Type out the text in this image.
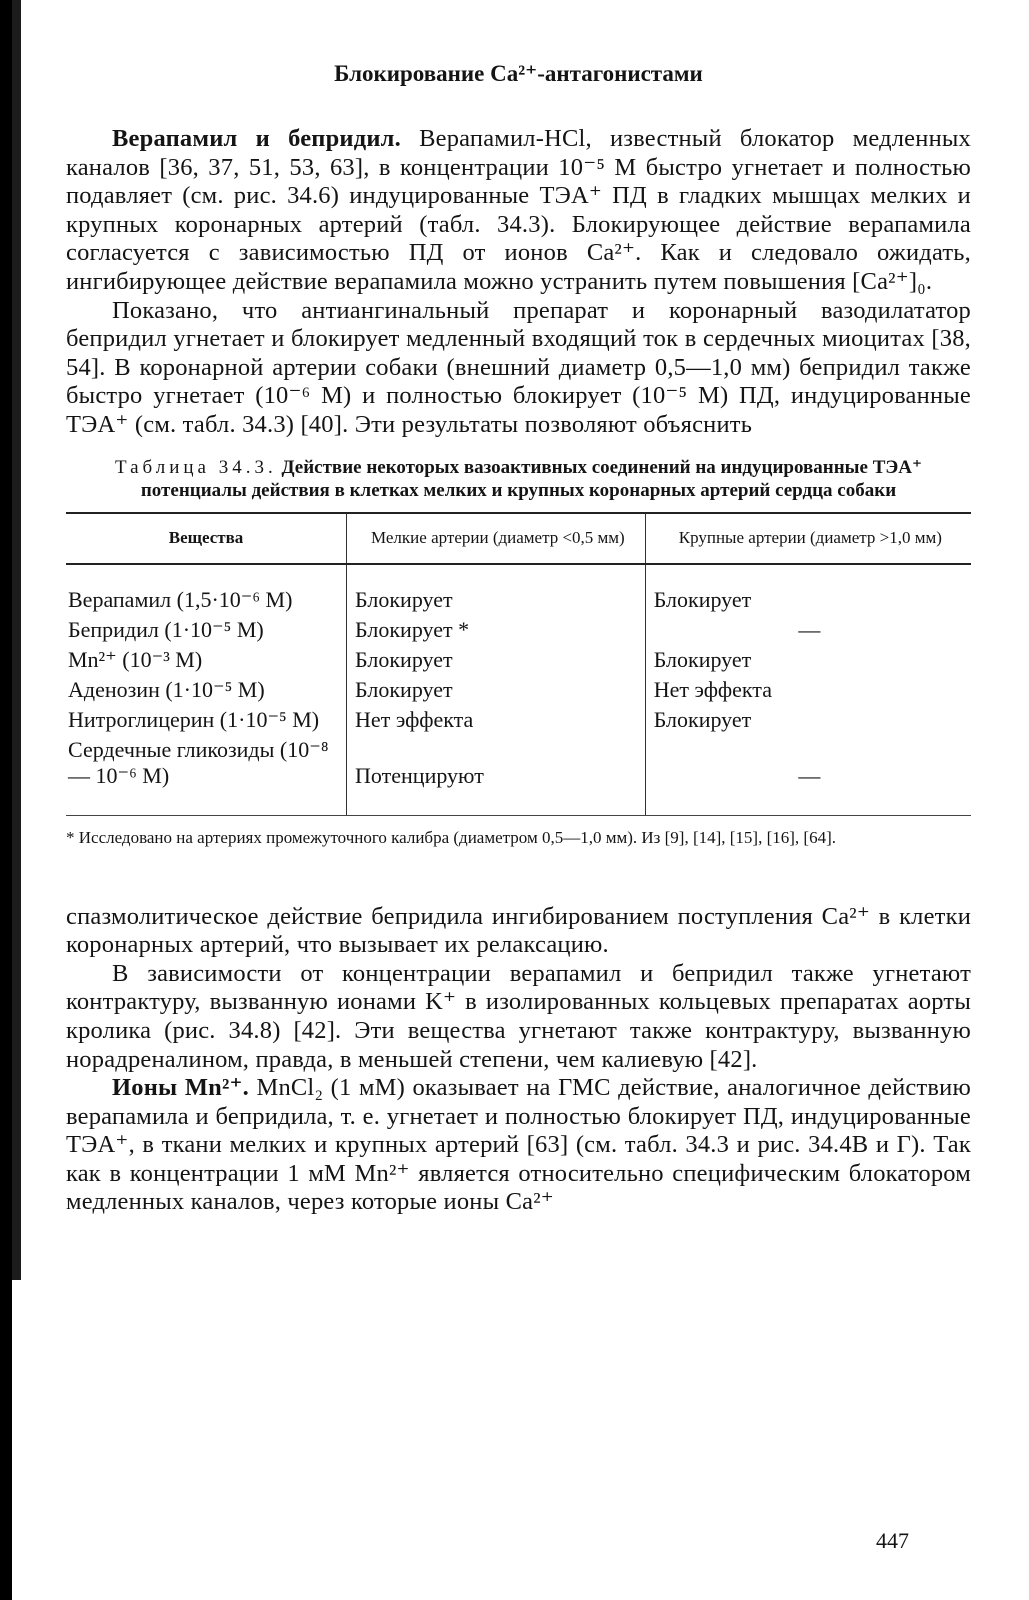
Блокирование Ca²⁺-антагонистами

Верапамил и бепридил. Верапамил-HCl, известный блокатор медленных каналов [36, 37, 51, 53, 63], в концентрации 10⁻⁵ M быстро угнетает и полностью подавляет (см. рис. 34.6) индуцированные ТЭА⁺ ПД в гладких мышцах мелких и крупных коронарных артерий (табл. 34.3). Блокирующее действие верапамила согласуется с зависимостью ПД от ионов Ca²⁺. Как и следовало ожидать, ингибирующее действие верапамила можно устранить путем повышения [Ca²⁺]₀.

Показано, что антиангинальный препарат и коронарный вазодилататор бепридил угнетает и блокирует медленный входящий ток в сердечных миоцитах [38, 54]. В коронарной артерии собаки (внешний диаметр 0,5—1,0 мм) бепридил также быстро угнетает (10⁻⁶ M) и полностью блокирует (10⁻⁵ M) ПД, индуцированные ТЭА⁺ (см. табл. 34.3) [40]. Эти результаты позволяют объяснить

Таблица 34.3. Действие некоторых вазоактивных соединений на индуцированные ТЭА⁺ потенциалы действия в клетках мелких и крупных коронарных артерий сердца собаки
Вещества	Мелкие артерии (диаметр <0,5 мм)	Крупные артерии (диаметр >1,0 мм)

Верапамил (1,5·10⁻⁶ M)	Блокирует	Блокирует
Бепридил (1·10⁻⁵ M)	Блокирует *	—
Mn²⁺ (10⁻³ M)	Блокирует	Блокирует
Аденозин (1·10⁻⁵ M)	Блокирует	Нет эффекта
Нитроглицерин (1·10⁻⁵ M)	Нет эффекта	Блокирует
Сердечные гликозиды (10⁻⁸ — 10⁻⁶ M)	Потенцируют	—
* Исследовано на артериях промежуточного калибра (диаметром 0,5—1,0 мм). Из [9], [14], [15], [16], [64].

спазмолитическое действие бепридила ингибированием поступления Ca²⁺ в клетки коронарных артерий, что вызывает их релаксацию.

В зависимости от концентрации верапамил и бепридил также угнетают контрактуру, вызванную ионами K⁺ в изолированных кольцевых препаратах аорты кролика (рис. 34.8) [42]. Эти вещества угнетают также контрактуру, вызванную норадреналином, правда, в меньшей степени, чем калиевую [42].

Ионы Mn²⁺. MnCl₂ (1 мМ) оказывает на ГМС действие, аналогичное действию верапамила и бепридила, т. е. угнетает и полностью блокирует ПД, индуцированные ТЭА⁺, в ткани мелких и крупных артерий [63] (см. табл. 34.3 и рис. 34.4В и Г). Так как в концентрации 1 мМ Mn²⁺ является относительно специфическим блокатором медленных каналов, через которые ионы Ca²⁺

447
